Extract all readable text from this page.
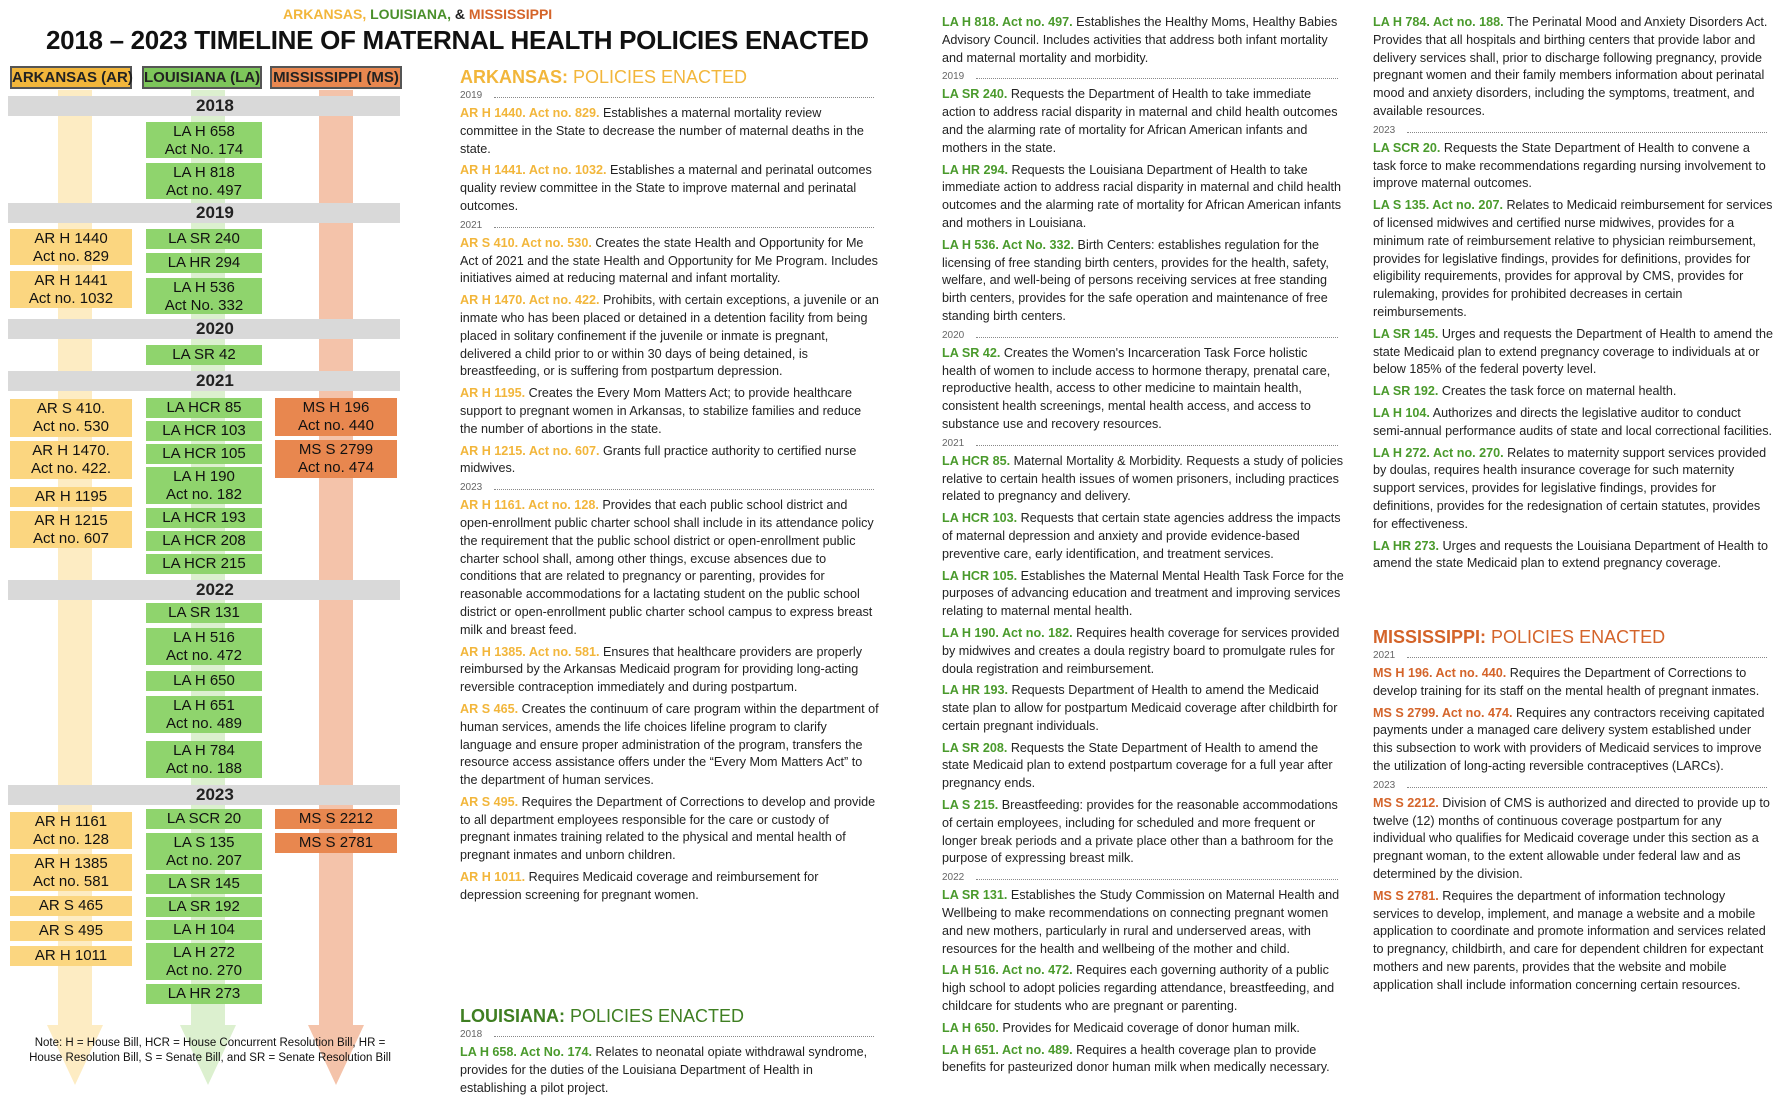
ARKANSAS, LOUISIANA, & MISSISSIPPI
2018 – 2023 TIMELINE OF MATERNAL HEALTH POLICIES ENACTED
ARKANSAS (AR) LOUISIANA (LA) MISSISSIPPI (MS)
2018
2019
2020
2021
2022
2023
LA H 658
Act No. 174
LA H 818
Act no. 497
AR H 1440
Act no. 829
AR H 1441
Act no. 1032
LA SR 240
LA HR 294
LA H 536
Act No. 332
LA SR 42
AR S 410.
Act no. 530
AR H 1470.
Act no. 422.
AR H 1195
AR H 1215
Act no. 607
LA HCR 85
LA HCR 103
LA HCR 105
LA H 190
Act no. 182
LA HCR 193
LA HCR 208
LA HCR 215
MS H 196
Act no. 440
MS S 2799
Act no. 474
LA SR 131
LA H 516
Act no. 472
LA H 650
LA H 651
Act no. 489
LA H 784
Act no. 188
AR H 1161
Act no. 128
AR H 1385
Act no. 581
AR S 465
AR S 495
AR H 1011
LA SCR 20
LA S 135
Act no. 207
LA SR 145
LA SR 192
LA H 104
LA H 272
Act no. 270
LA HR 273
MS S 2212
MS S 2781
Note: H = House Bill, HCR = House Concurrent Resolution Bill, HR = House Resolution Bill, S = Senate Bill, and SR = Senate Resolution Bill
ARKANSAS: POLICIES ENACTED
2019

AR H 1440. Act no. 829. Establishes a maternal mortality review committee in the State to decrease the number of maternal deaths in the state.

AR H 1441. Act no. 1032. Establishes a maternal and perinatal outcomes quality review committee in the State to improve maternal and perinatal outcomes.

2021

AR S 410. Act no. 530. Creates the state Health and Opportunity for Me Act of 2021 and the state Health and Opportunity for Me Program. Includes initiatives aimed at reducing maternal and infant mortality.

AR H 1470. Act no. 422. Prohibits, with certain exceptions, a juvenile or an inmate who has been placed or detained in a detention facility from being placed in solitary confinement if the juvenile or inmate is pregnant, delivered a child prior to or within 30 days of being detained, is breastfeeding, or is suffering from postpartum depression.

AR H 1195. Creates the Every Mom Matters Act; to provide healthcare support to pregnant women in Arkansas, to stabilize families and reduce the number of abortions in the state.

AR H 1215. Act no. 607. Grants full practice authority to certified nurse midwives.

2023

AR H 1161. Act no. 128. Provides that each public school district and open-enrollment public charter school shall include in its attendance policy the requirement that the public school district or open-enrollment public charter school shall, among other things, excuse absences due to conditions that are related to pregnancy or parenting, provides for reasonable accommodations for a lactating student on the public school district or open-enrollment public charter school campus to express breast milk and breast feed.

AR H 1385. Act no. 581. Ensures that healthcare providers are properly reimbursed by the Arkansas Medicaid program for providing long-acting reversible contraception immediately and during postpartum.

AR S 465. Creates the continuum of care program within the department of human services, amends the life choices lifeline program to clarify language and ensure proper administration of the program, transfers the resource access assistance offers under the “Every Mom Matters Act” to the department of human services.

AR S 495. Requires the Department of Corrections to develop and provide to all department employees responsible for the care or custody of pregnant inmates training related to the physical and mental health of pregnant inmates and unborn children.

AR H 1011. Requires Medicaid coverage and reimbursement for depression screening for pregnant women.

LOUISIANA: POLICIES ENACTED
2018

LA H 658. Act No. 174. Relates to neonatal opiate withdrawal syndrome, provides for the duties of the Louisiana Department of Health in establishing a pilot project.

LA H 818. Act no. 497. Establishes the Healthy Moms, Healthy Babies Advisory Council. Includes activities that address both infant mortality and maternal mortality and morbidity.

2019

LA SR 240. Requests the Department of Health to take immediate action to address racial disparity in maternal and child health outcomes and the alarming rate of mortality for African American infants and mothers in the state.

LA HR 294. Requests the Louisiana Department of Health to take immediate action to address racial disparity in maternal and child health outcomes and the alarming rate of mortality for African American infants and mothers in Louisiana.

LA H 536. Act No. 332. Birth Centers: establishes regulation for the licensing of free standing birth centers, provides for the health, safety, welfare, and well-being of persons receiving services at free standing birth centers, provides for the safe operation and maintenance of free standing birth centers.

2020

LA SR 42. Creates the Women's Incarceration Task Force holistic health of women to include access to hormone therapy, prenatal care, reproductive health, access to other medicine to maintain health, consistent health screenings, mental health access, and access to substance use and recovery resources.

2021

LA HCR 85. Maternal Mortality & Morbidity. Requests a study of policies relative to certain health issues of women prisoners, including practices related to pregnancy and delivery.

LA HCR 103. Requests that certain state agencies address the impacts of maternal depression and anxiety and provide evidence-based preventive care, early identification, and treatment services.

LA HCR 105. Establishes the Maternal Mental Health Task Force for the purposes of advancing education and treatment and improving services relating to maternal mental health.

LA H 190. Act no. 182. Requires health coverage for services provided by midwives and creates a doula registry board to promulgate rules for doula registration and reimbursement.

LA HR 193. Requests Department of Health to amend the Medicaid state plan to allow for postpartum Medicaid coverage after childbirth for certain pregnant individuals.

LA SR 208. Requests the State Department of Health to amend the state Medicaid plan to extend postpartum coverage for a full year after pregnancy ends.

LA S 215. Breastfeeding: provides for the reasonable accommodations of certain employees, including for scheduled and more frequent or longer break periods and a private place other than a bathroom for the purpose of expressing breast milk.

2022

LA SR 131. Establishes the Study Commission on Maternal Health and Wellbeing to make recommendations on connecting pregnant women and new mothers, particularly in rural and underserved areas, with resources for the health and wellbeing of the mother and child.

LA H 516. Act no. 472. Requires each governing authority of a public high school to adopt policies regarding attendance, breastfeeding, and childcare for students who are pregnant or parenting.

LA H 650. Provides for Medicaid coverage of donor human milk.

LA H 651. Act no. 489. Requires a health coverage plan to provide benefits for pasteurized donor human milk when medically necessary.

LA H 784. Act no. 188. The Perinatal Mood and Anxiety Disorders Act. Provides that all hospitals and birthing centers that provide labor and delivery services shall, prior to discharge following pregnancy, provide pregnant women and their family members information about perinatal mood and anxiety disorders, including the symptoms, treatment, and available resources.

2023

LA SCR 20. Requests the State Department of Health to convene a task force to make recommendations regarding nursing involvement to improve maternal outcomes.

LA S 135. Act no. 207. Relates to Medicaid reimbursement for services of licensed midwives and certified nurse midwives, provides for a minimum rate of reimbursement relative to physician reimbursement, provides for legislative findings, provides for definitions, provides for eligibility requirements, provides for approval by CMS, provides for rulemaking, provides for prohibited decreases in certain reimbursements.

LA SR 145. Urges and requests the Department of Health to amend the state Medicaid plan to extend pregnancy coverage to individuals at or below 185% of the federal poverty level.

LA SR 192. Creates the task force on maternal health.

LA H 104. Authorizes and directs the legislative auditor to conduct semi-annual performance audits of state and local correctional facilities.

LA H 272. Act no. 270. Relates to maternity support services provided by doulas, requires health insurance coverage for such maternity support services, provides for legislative findings, provides for definitions, provides for the redesignation of certain statutes, provides for effectiveness.

LA HR 273. Urges and requests the Louisiana Department of Health to amend the state Medicaid plan to extend pregnancy coverage.

MISSISSIPPI: POLICIES ENACTED
2021

MS H 196. Act no. 440. Requires the Department of Corrections to develop training for its staff on the mental health of pregnant inmates.

MS S 2799. Act no. 474. Requires any contractors receiving capitated payments under a managed care delivery system established under this subsection to work with providers of Medicaid services to improve the utilization of long-acting reversible contraceptives (LARCs).

2023

MS S 2212. Division of CMS is authorized and directed to provide up to twelve (12) months of continuous coverage postpartum for any individual who qualifies for Medicaid coverage under this section as a pregnant woman, to the extent allowable under federal law and as determined by the division.

MS S 2781. Requires the department of information technology services to develop, implement, and manage a website and a mobile application to coordinate and promote information and services related to pregnancy, childbirth, and care for dependent children for expectant mothers and new parents, provides that the website and mobile application shall include information concerning certain resources.
